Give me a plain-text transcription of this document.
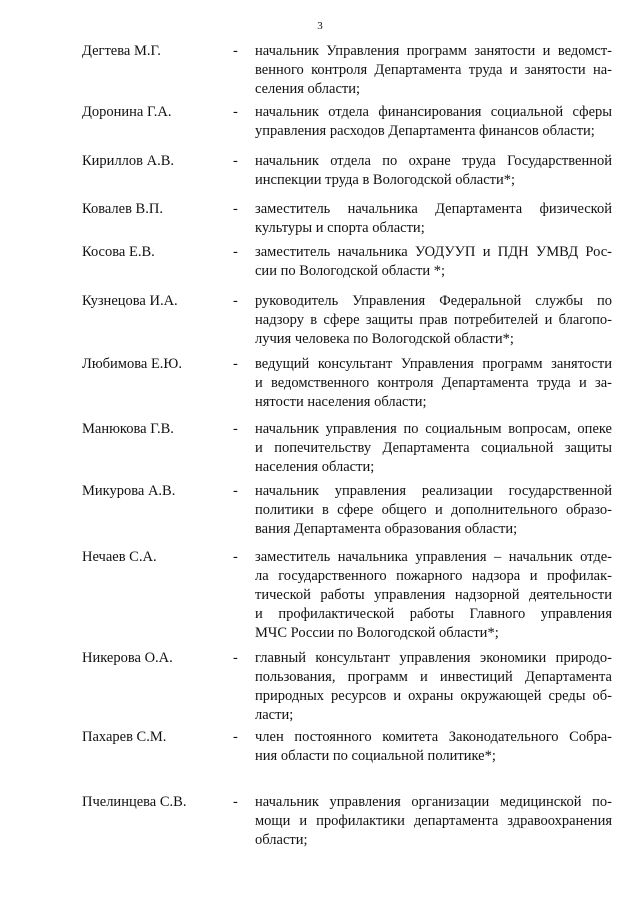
3
Дегтева М.Г.	-	начальник Управления программ занятости и ведомст-
венного контроля Департамента труда и занятости на-
селения области;
Доронина Г.А.	-	начальник отдела финансирования социальной сферы
управления расходов Департамента финансов области;
Кириллов А.В.	-	начальник отдела по охране труда Государственной
инспекции труда в Вологодской области*;
Ковалев В.П.	-	заместитель начальника Департамента физической
культуры и спорта области;
Косова Е.В.	-	заместитель начальника УОДУУП и ПДН УМВД Рос-
сии по Вологодской области *;
Кузнецова И.А.	-	руководитель Управления Федеральной службы по
надзору в сфере защиты прав потребителей и благопо-
лучия человека по Вологодской области*;
Любимова Е.Ю.	-	ведущий консультант Управления программ занятости
и ведомственного контроля Департамента труда и за-
нятости населения области;
Манюкова Г.В.	-	начальник управления по социальным вопросам, опеке
и попечительству Департамента социальной защиты
населения области;
Микурова А.В.	-	начальник управления реализации государственной
политики в сфере общего и дополнительного образо-
вания Департамента образования области;
Нечаев С.А.	-	заместитель начальника управления – начальник отде-
ла государственного пожарного надзора и профилак-
тической работы управления надзорной деятельности
и профилактической работы Главного управления
МЧС России по Вологодской области*;
Никерова О.А.	-	главный консультант управления экономики природо-
пользования, программ и инвестиций Департамента
природных ресурсов и охраны окружающей среды об-
ласти;
Пахарев С.М.	-	член постоянного комитета Законодательного Собра-
ния области по социальной политике*;
Пчелинцева С.В.	-	начальник управления организации медицинской по-
мощи и профилактики департамента здравоохранения
области;
